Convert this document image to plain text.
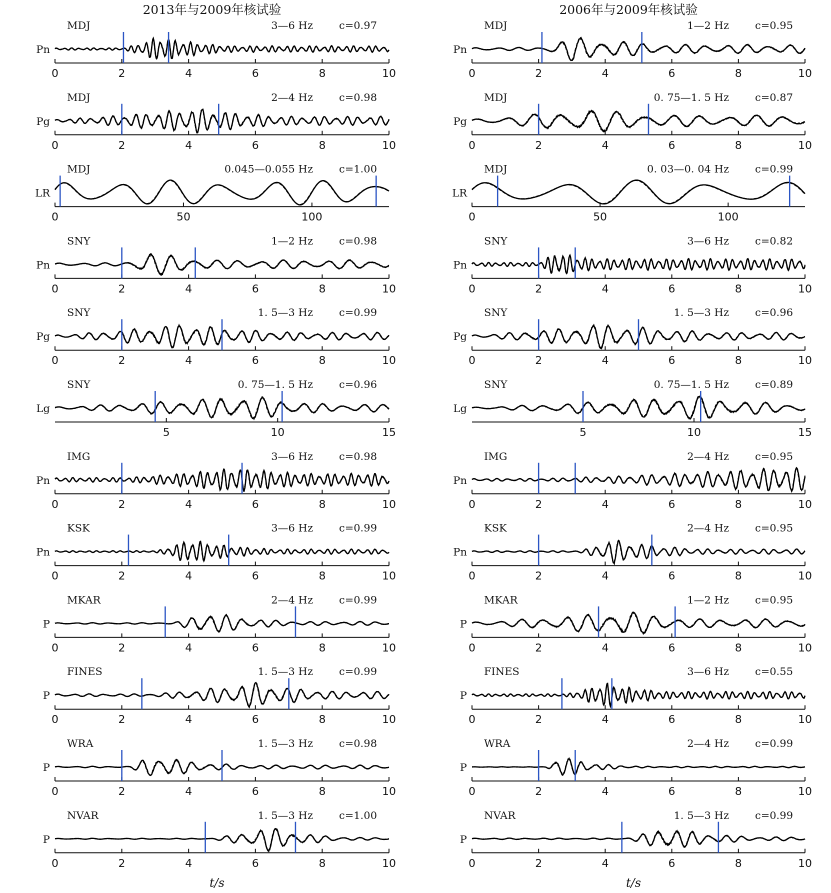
2013年与2009年核试验	2006年与2009年核试验
MDJ
Pn
3—6 Hz c=0.97
0	2	4	6	8	10
MDJ
Pg
2—4 Hz c=0.98
0	2	4	6	8	10
MDJ
LR
0.045—0.055 Hz c=1.00
0	50	100
SNY
Pn
1—2 Hz c=0.98
0	2	4	6	8	10
SNY
Pg
1. 5—3 Hz c=0.99
0	2	4	6	8	10
SNY
Lg
0. 75—1. 5 Hz c=0.96
5	10	15
IMG
Pn
3—6 Hz c=0.98
0	2	4	6	8	10
KSK
Pn
3—6 Hz c=0.99
0	2	4	6	8	10
MKAR
P
2—4 Hz c=0.99
0	2	4	6	8	10
FINES
P
1. 5—3 Hz c=0.99
0	2	4	6	8	10
WRA
P
1. 5—3 Hz c=0.98
0	2	4	6	8	10
NVAR
P
1. 5—3 Hz c=1.00
0	2	4	6	8	10
MDJ
Pn
1—2 Hz c=0.95
0	2	4	6	8	10
MDJ
Pg
0. 75—1. 5 Hz c=0.87
0	2	4	6	8	10
MDJ
LR
0. 03—0. 04 Hz c=0.99
0	50	100
SNY
Pn
3—6 Hz c=0.82
0	2	4	6	8	10
SNY
Pg
1. 5—3 Hz c=0.96
0	2	4	6	8	10
SNY
Lg
0. 75—1. 5 Hz c=0.89
5	10	15
IMG
Pn
2—4 Hz c=0.95
0	2	4	6	8	10
KSK
Pn
2—4 Hz c=0.95
0	2	4	6	8	10
MKAR
P
1—2 Hz c=0.95
0	2	4	6	8	10
FINES
P
3—6 Hz c=0.55
0	2	4	6	8	10
WRA
P
2—4 Hz c=0.99
0	2	4	6	8	10
NVAR
P
1. 5—3 Hz c=0.99
0	2	4	6	8	10
t/s	t/s
